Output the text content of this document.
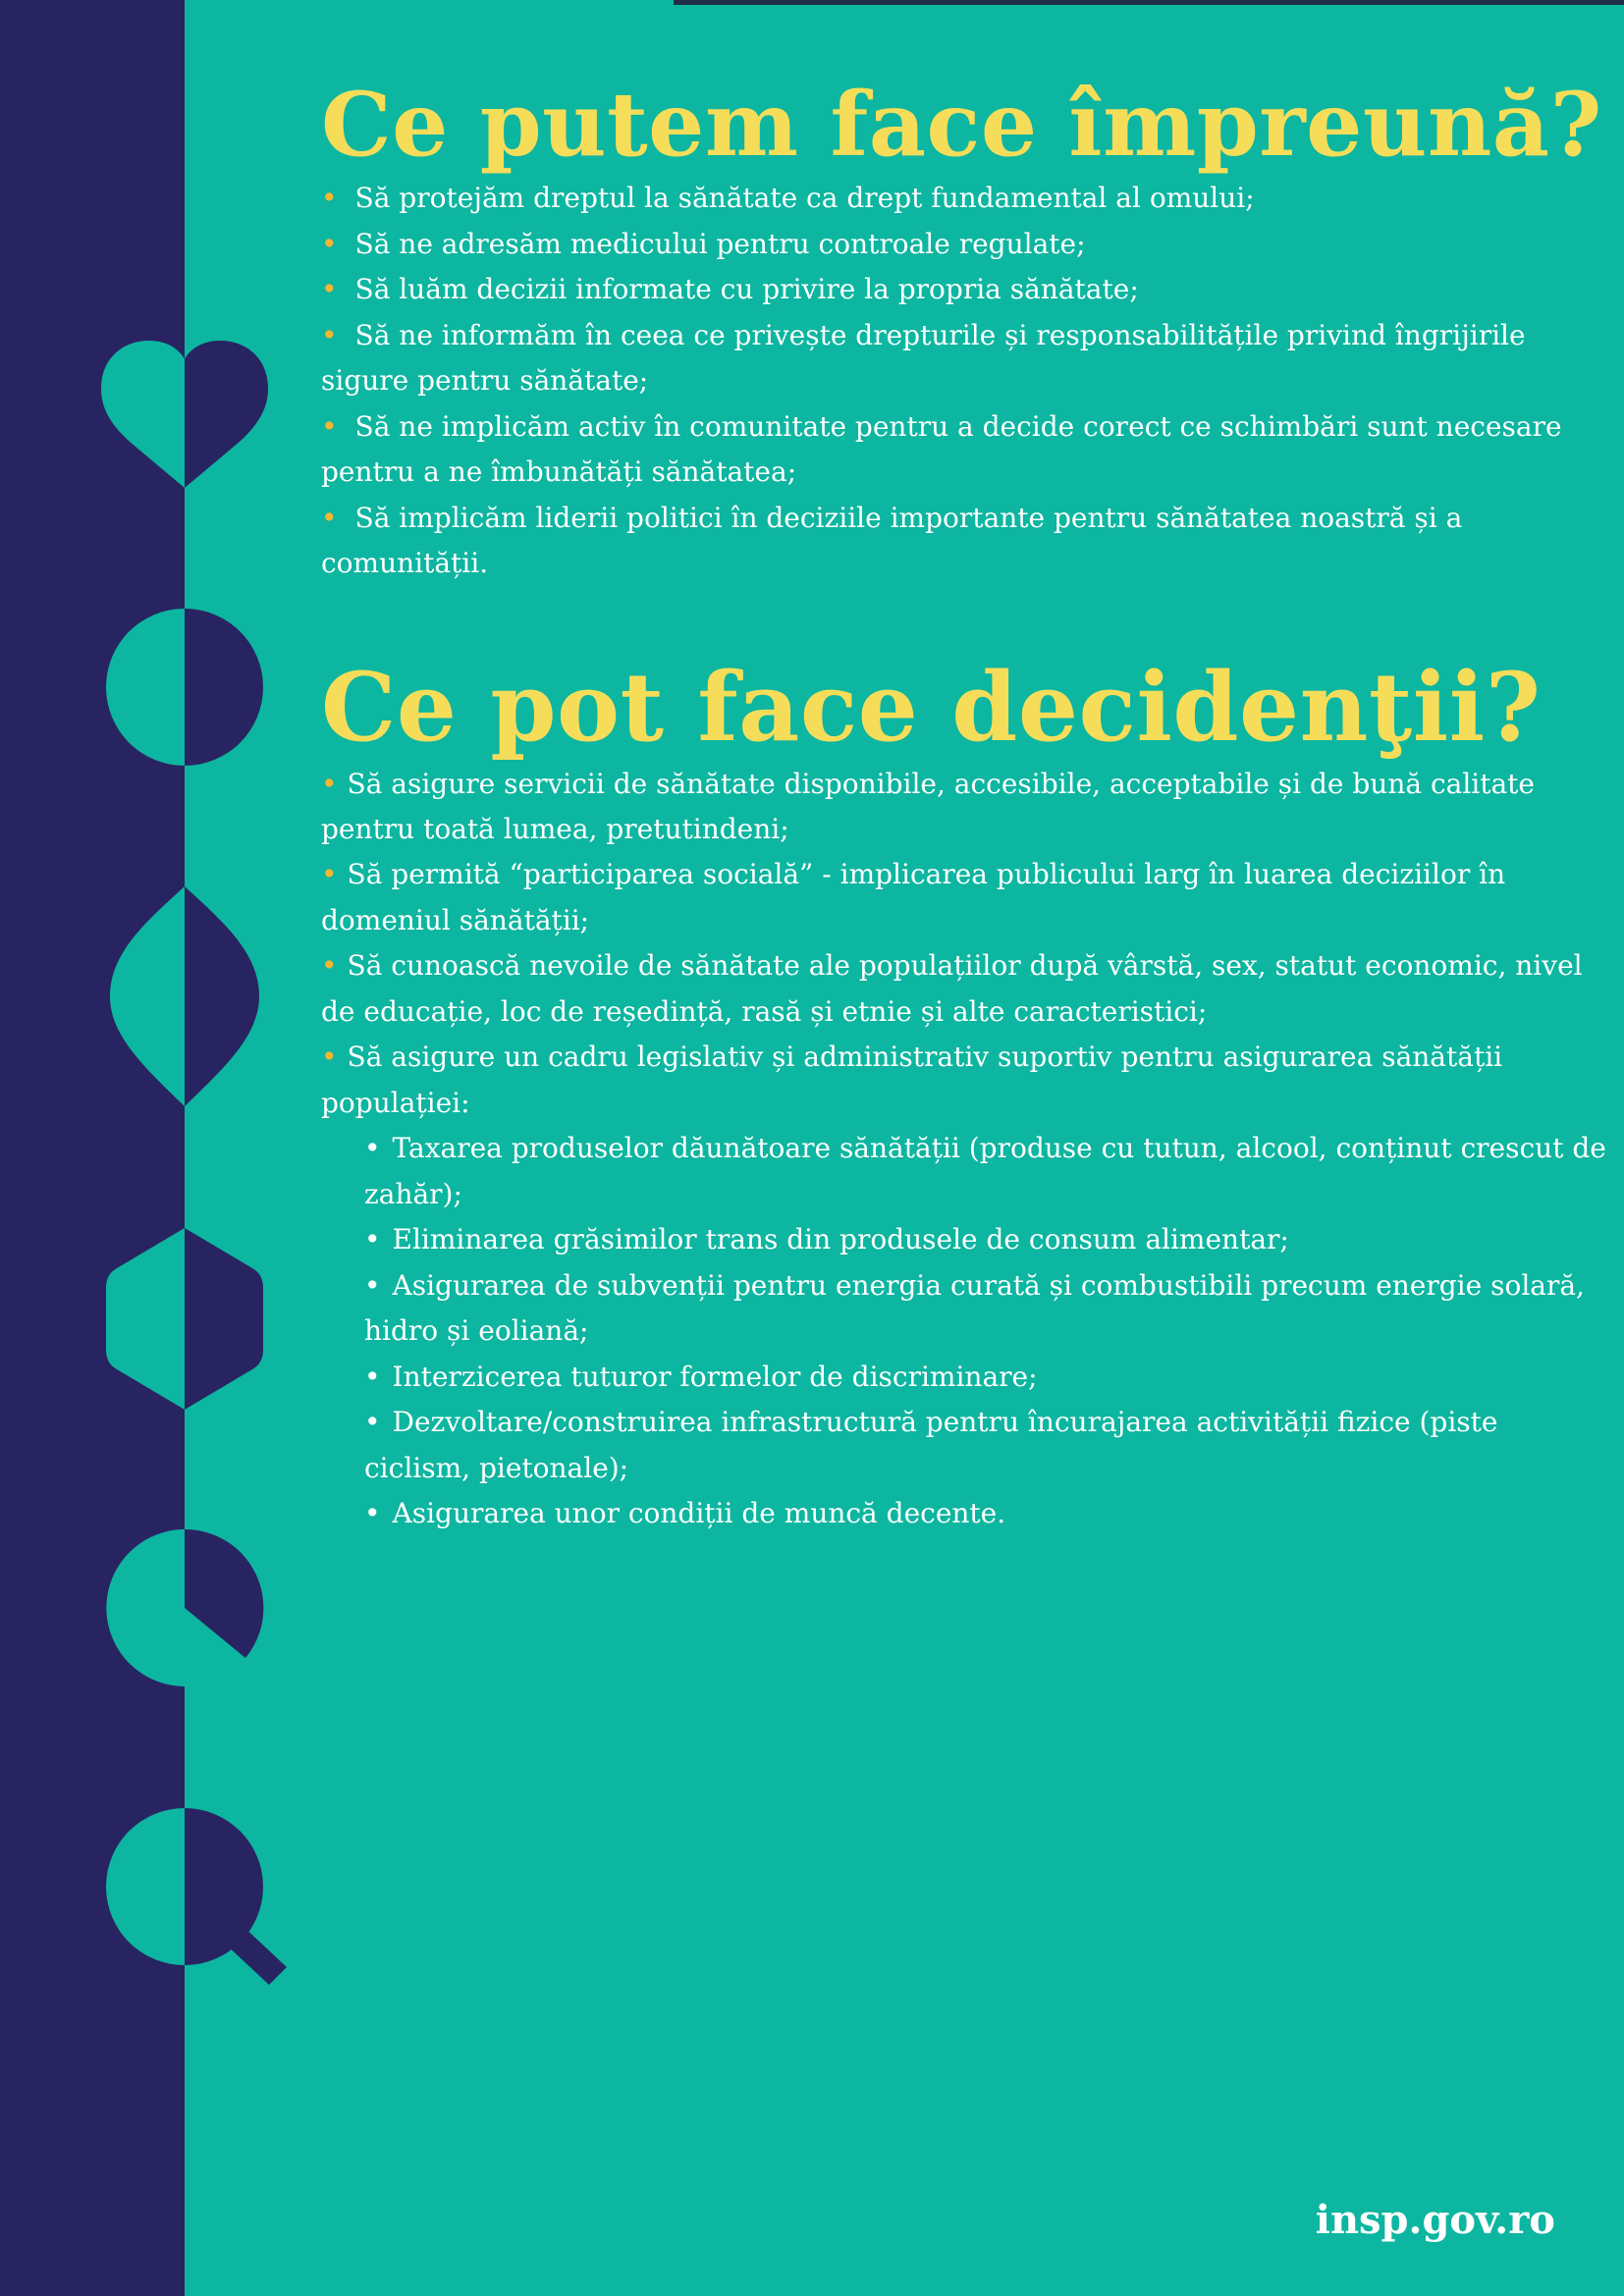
Ce putem face împreună?
• Să protejăm dreptul la sănătate ca drept fundamental al omului;
• Să ne adresăm medicului pentru controale regulate;
• Să luăm decizii informate cu privire la propria sănătate;
• Să ne informăm în ceea ce privește drepturile și responsabilitățile privind îngrijirile sigure pentru sănătate;
• Să ne implicăm activ în comunitate pentru a decide corect ce schimbări sunt necesare pentru a ne îmbunătăți sănătatea;
• Să implicăm liderii politici în deciziile importante pentru sănătatea noastră și a comunității.
Ce pot face decidenţii?
• Să asigure servicii de sănătate disponibile, accesibile, acceptabile și de bună calitate pentru toată lumea, pretutindeni;
• Să permită “participarea socială” - implicarea publicului larg în luarea deciziilor în domeniul sănătății;
• Să cunoască nevoile de sănătate ale populațiilor după vârstă, sex, statut economic, nivel de educație, loc de reședință, rasă și etnie și alte caracteristici;
• Să asigure un cadru legislativ și administrativ suportiv pentru asigurarea sănătății populației:
• Taxarea produselor dăunătoare sănătății (produse cu tutun, alcool, conținut crescut de zahăr);
• Eliminarea grăsimilor trans din produsele de consum alimentar;
• Asigurarea de subvenții pentru energia curată și combustibili precum energie solară, hidro și eoliană;
• Interzicerea tuturor formelor de discriminare;
• Dezvoltare/construirea infrastructură pentru încurajarea activității fizice (piste ciclism, pietonale);
• Asigurarea unor condiții de muncă decente.
insp.gov.ro
